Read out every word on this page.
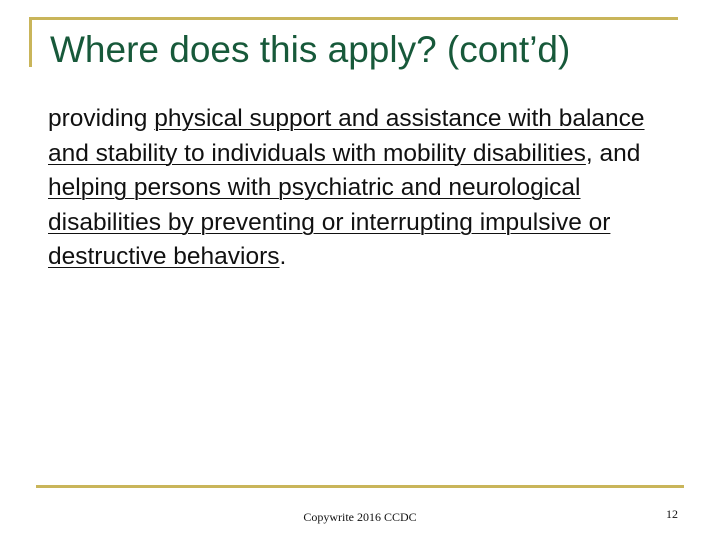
Where does this apply? (cont’d)

providing physical support and assistance with balance and stability to individuals with mobility disabilities, and helping persons with psychiatric and neurological disabilities by preventing or interrupting impulsive or destructive behaviors.

Copywrite 2016 CCDC	12
